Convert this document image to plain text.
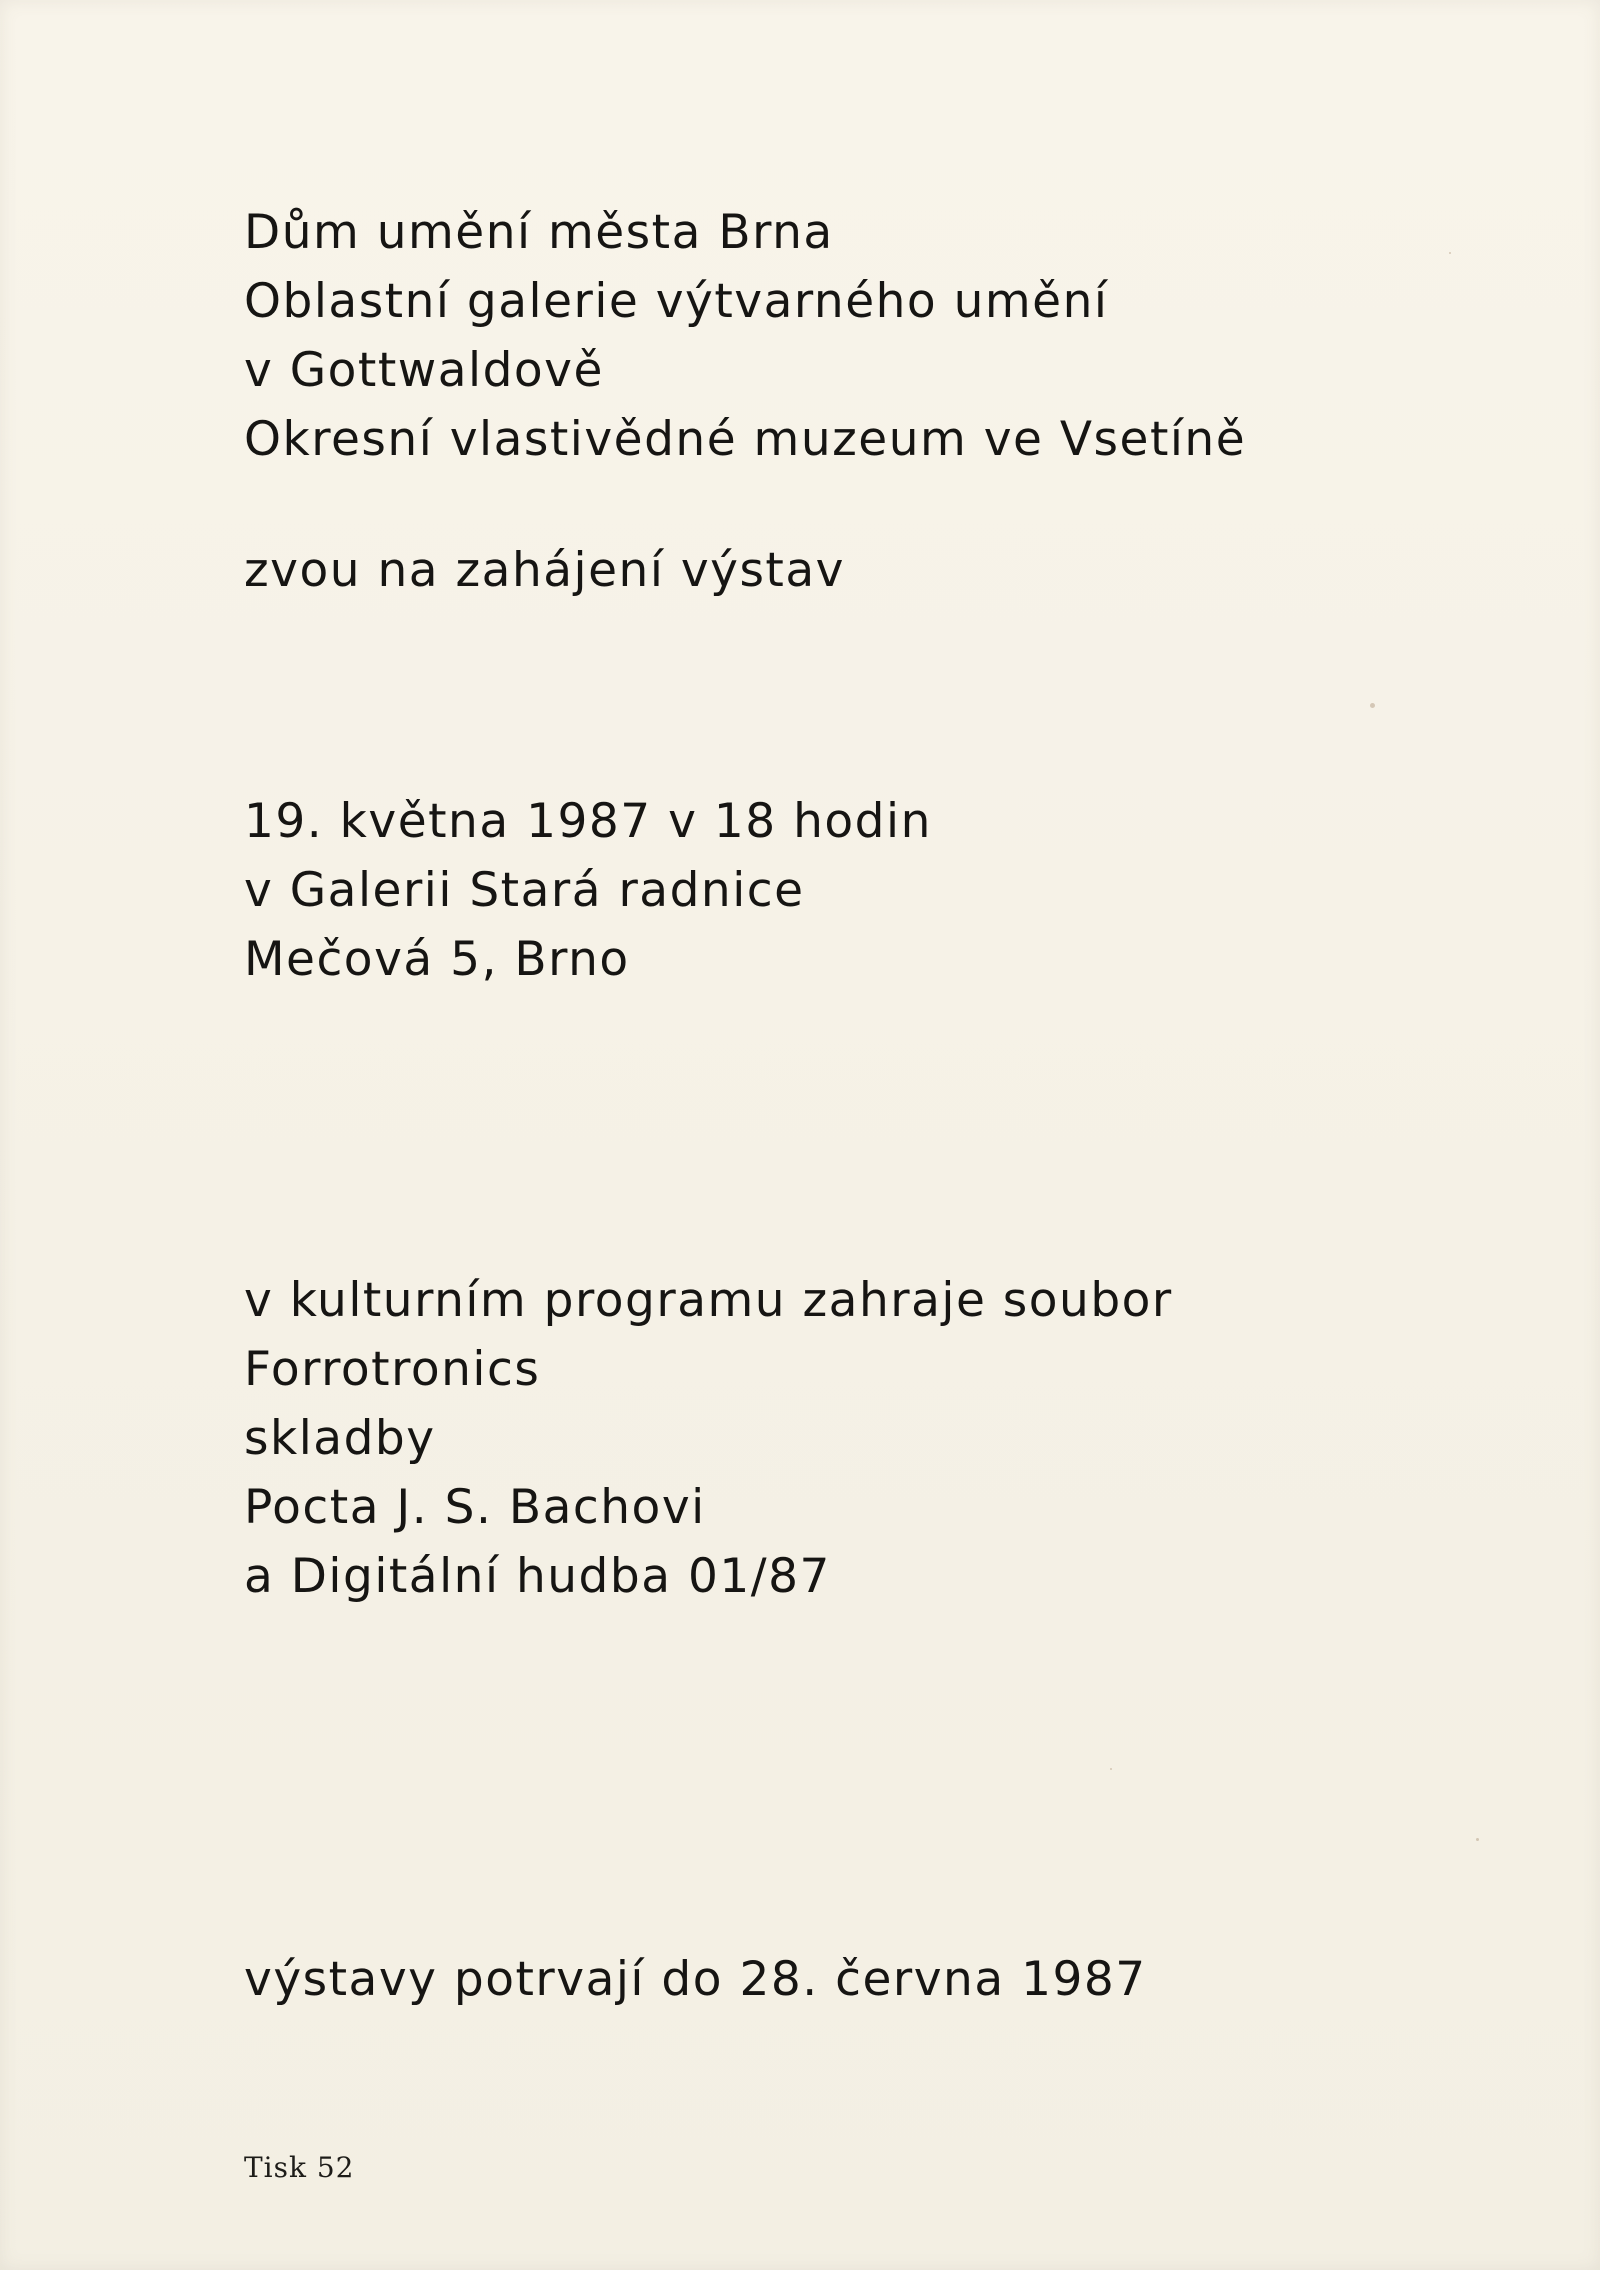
Dům umění města Brna
Oblastní galerie výtvarného umění
v Gottwaldově
Okresní vlastivědné muzeum ve Vsetíně
zvou na zahájení výstav
19. května 1987 v 18 hodin
v Galerii Stará radnice
Mečová 5, Brno
v kulturním programu zahraje soubor
Forrotronics
skladby
Pocta J. S. Bachovi
a Digitální hudba 01/87
výstavy potrvají do 28. června 1987
Tisk 52
